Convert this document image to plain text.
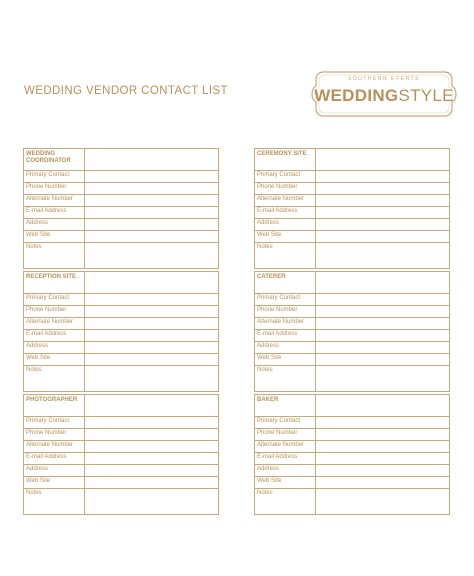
WEDDING VENDOR CONTACT LIST
SOUTHERN EVENTS
WEDDINGSTYLE
WEDDING COORDINATOR	
Primary Contact	
Phone Number	
Alternate Number	
E-mail Address	
Address	
Web Site	
Notes	
CEREMONY SITE	
Primary Contact	
Phone Number	
Alternate Number	
E-mail Address	
Address	
Web Site	
Notes	
RECEPTION SITE	
Primary Contact	
Phone Number	
Alternate Number	
E-mail Address	
Address	
Web Site	
Notes	
CATERER	
Primary Contact	
Phone Number	
Alternate Number	
E-mail Address	
Address	
Web Site	
Notes	
PHOTOGRAPHER	
Primary Contact	
Phone Number	
Alternate Number	
E-mail Address	
Address	
Web Site	
Notes	
BAKER	
Primary Contact	
Phone Number	
Alternate Number	
E-mail Address	
Address	
Web Site	
Notes	
